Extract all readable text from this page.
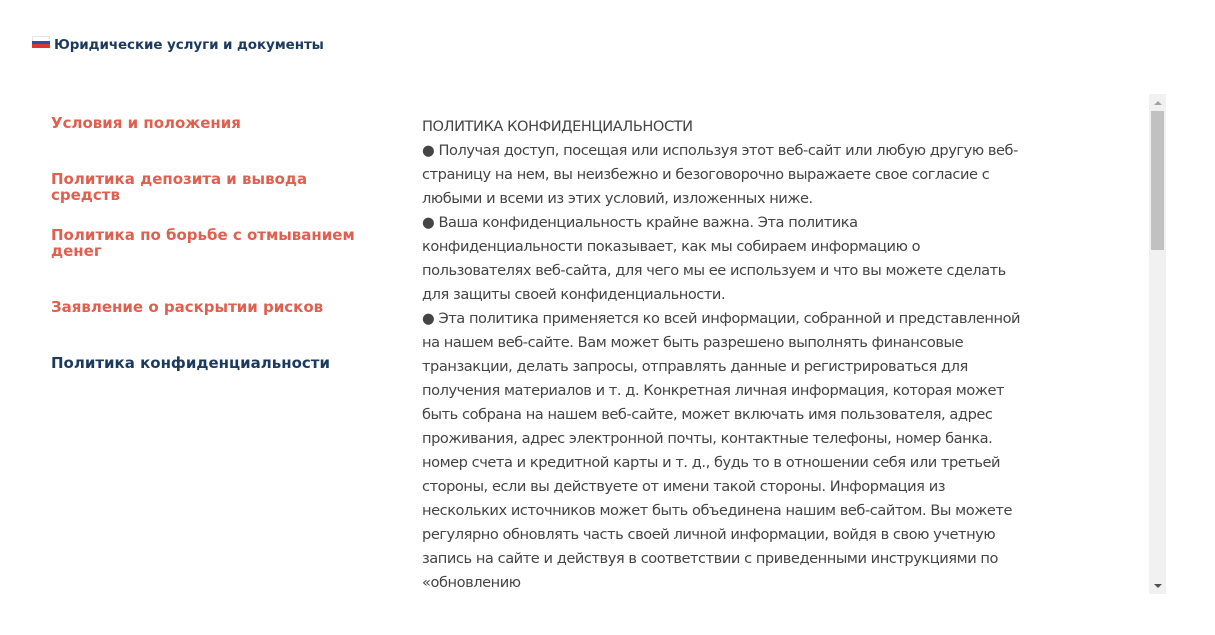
Юридические услуги и документы
Условия и положения
Политика депозита и вывода средств
Политика по борьбе с отмыванием денег
Заявление о раскрытии рисков
Политика конфиденциальности

ПОЛИТИКА КОНФИДЕНЦИАЛЬНОСТИ

● Получая доступ, посещая или используя этот веб-сайт или любую другую веб-страницу на нем, вы неизбежно и безоговорочно выражаете свое согласие с любыми и всеми из этих условий, изложенных ниже.

● Ваша конфиденциальность крайне важна. Эта политика конфиденциальности показывает, как мы собираем информацию о пользователях веб-сайта, для чего мы ее используем и что вы можете сделать для защиты своей конфиденциальности.

● Эта политика применяется ко всей информации, собранной и представленной на нашем веб-сайте. Вам может быть разрешено выполнять финансовые транзакции, делать запросы, отправлять данные и регистрироваться для получения материалов и т. д. Конкретная личная информация, которая может быть собрана на нашем веб-сайте, может включать имя пользователя, адрес проживания, адрес электронной почты, контактные телефоны, номер банка. номер счета и кредитной карты и т. д., будь то в отношении себя или третьей стороны, если вы действуете от имени такой стороны. Информация из нескольких источников может быть объединена нашим веб-сайтом. Вы можете регулярно обновлять часть своей личной информации, войдя в свою учетную запись на сайте и действуя в соответствии с приведенными инструкциями по «обновлению
